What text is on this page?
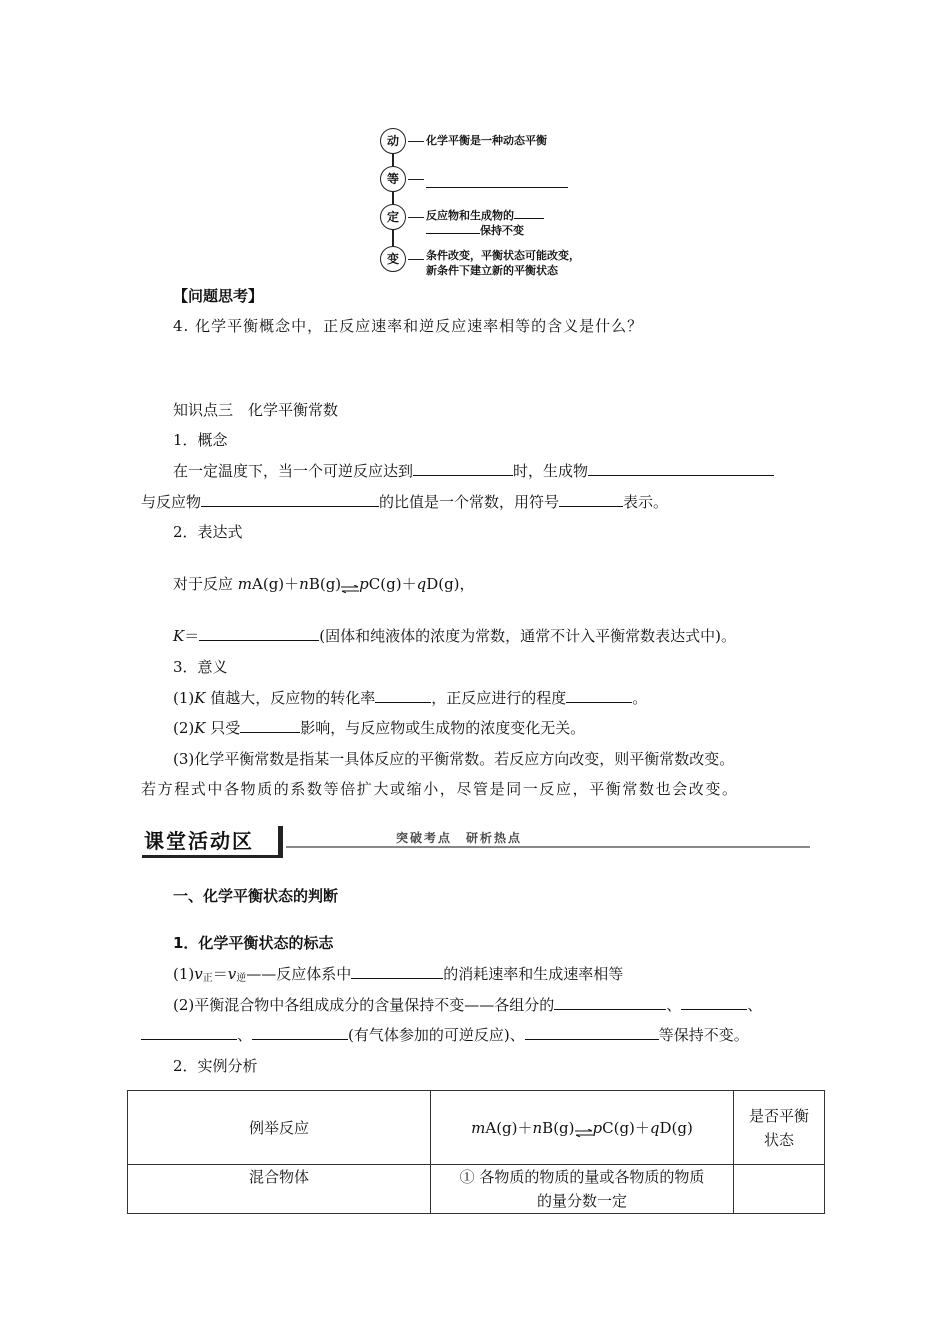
动	化学平衡是一种动态平衡
等
定	反应物和生成物的
保持不变
变	条件改变，平衡状态可能改变，
新条件下建立新的平衡状态
【问题思考】
4. 化学平衡概念中，正反应速率和逆反应速率相等的含义是什么？
知识点三　化学平衡常数
1．概念
在一定温度下，当一个可逆反应达到	时，生成物
与反应物	的比值是一个常数，用符号	表示。
2．表达式
对于反应 mA(g)＋nB(g)⇌pC(g)＋qD(g)，
K＝	(固体和纯液体的浓度为常数，通常不计入平衡常数表达式中)。
3．意义
(1)K 值越大，反应物的转化率	，正反应进行的程度	。
(2)K 只受	影响，与反应物或生成物的浓度变化无关。
(3)化学平衡常数是指某一具体反应的平衡常数。若反应方向改变，则平衡常数改变。
若方程式中各物质的系数等倍扩大或缩小，尽管是同一反应，平衡常数也会改变。
课堂活动区	突破考点　研析热点
一、化学平衡状态的判断
1．化学平衡状态的标志
$(1)v_正=v_逆——$反应体系中	的消耗速率和生成速率相等
(2)平衡混合物中各组成成分的含量保持不变——各组分的	、	、
、	(有气体参加的可逆反应)、	等保持不变。
2．实例分析
例举反应	mA(g)＋nB(g)⇌pC(g)＋qD(g)	是否平衡
状态

混合物体	① 各物质的物质的量或各物质的物质
的量分数一定	
